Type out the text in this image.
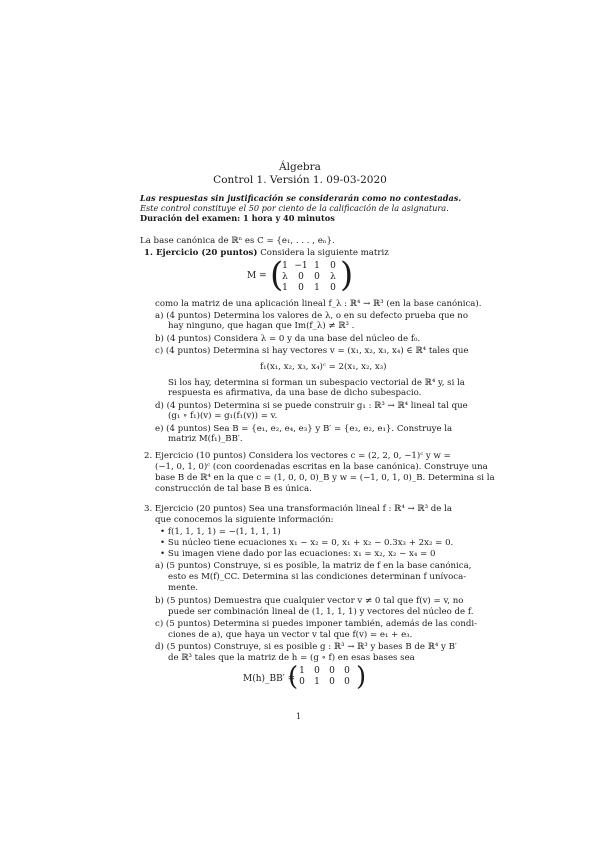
Álgebra
Control 1. Versión 1. 09-03-2020
Las respuestas sin justificación se considerarán como no contestadas.
Este control constituye el 50 por ciento de la calificación de la asignatura.
Duración del examen: 1 hora y 40 minutos
La base canónica de ℝⁿ es C = {e₁, . . . , eₙ}.
1. Ejercicio (20 puntos) Considera la siguiente matriz
M = ( )
1 −1 1	0
λ	0	0	λ
1	0	1	0
como la matriz de una aplicación lineal f_λ : ℝ⁴ → ℝ³ (en la base canónica).
a) (4 puntos) Determina los valores de λ, o en su defecto prueba que no
hay ninguno, que hagan que Im(f_λ) ≠ ℝ³ .
b) (4 puntos) Considera λ = 0 y da una base del núcleo de f₀.
c) (4 puntos) Determina si hay vectores v = (x₁, x₂, x₃, x₄) ∈ ℝ⁴ tales que
f₁(x₁, x₂, x₃, x₄)ᶜ = 2(x₁, x₂, x₃)
Si los hay, determina si forman un subespacio vectorial de ℝ⁴ y, si la
respuesta es afirmativa, da una base de dicho subespacio.
d) (4 puntos) Determina si se puede construir g₁ : ℝ³ → ℝ⁴ lineal tal que
(g₁ ∘ f₁)(v) = g₁(f₁(v)) = v.
e) (4 puntos) Sea B = {e₁, e₂, e₄, e₃} y B′ = {e₃, e₂, e₁}. Construye la
matriz M(f₁)_BB′.
2. Ejercicio (10 puntos) Considera los vectores c = (2, 2, 0, −1)ᶜ y w =
(−1, 0, 1, 0)ᶜ (con coordenadas escritas en la base canónica). Construye una
base B de ℝ⁴ en la que c = (1, 0, 0, 0)_B y w = (−1, 0, 1, 0)_B. Determina si la
construcción de tal base B es única.
3. Ejercicio (20 puntos) Sea una transformación lineal f : ℝ⁴ → ℝ³ de la
que conocemos la siguiente información:
• f(1, 1, 1, 1) = −(1, 1, 1, 1)
• Su núcleo tiene ecuaciones x₁ − x₂ = 0, x₁ + x₂ − 0.3x₃ + 2x₂ = 0.
• Su imagen viene dado por las ecuaciones: x₁ = x₂, x₂ − x₄ = 0
a) (5 puntos) Construye, si es posible, la matriz de f en la base canónica,
esto es M(f)_CC. Determina si las condiciones determinan f unívoca-
mente.
b) (5 puntos) Demuestra que cualquier vector v ≠ 0 tal que f(v) = v, no
puede ser combinación lineal de (1, 1, 1, 1) y vectores del núcleo de f.
c) (5 puntos) Determina si puedes imponer también, además de las condi-
ciones de a), que haya un vector v tal que f(v) = e₁ + e₃.
d) (5 puntos) Construye, si es posible g : ℝ³ → ℝ³ y bases B de ℝ⁴ y B′
de ℝ³ tales que la matriz de h = (g ∘ f) en esas bases sea
M(h)_BB′ =
( )
1	0	0	0
0	1	0	0
1
